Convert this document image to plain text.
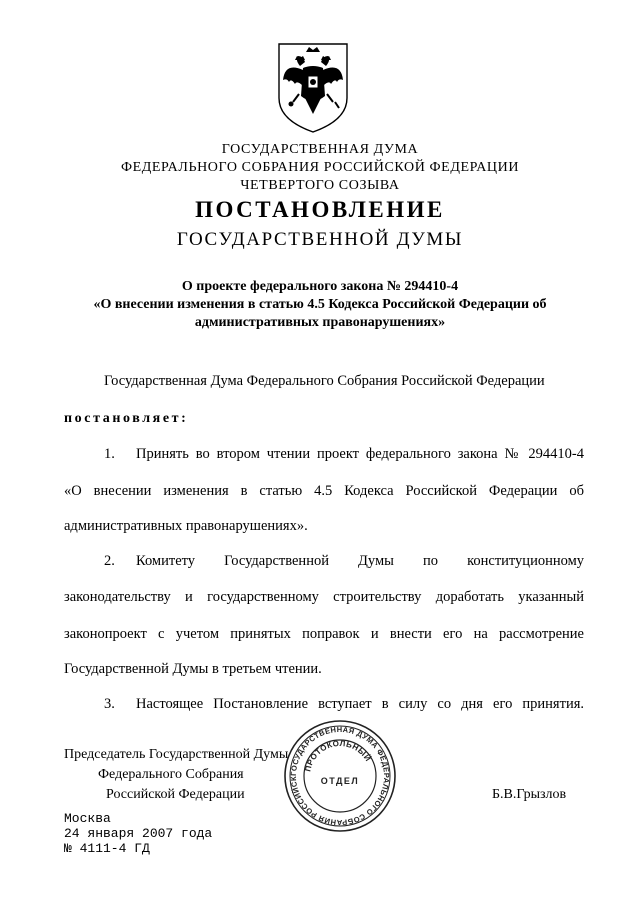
ГОСУДАРСТВЕННАЯ ДУМА
ФЕДЕРАЛЬНОГО СОБРАНИЯ РОССИЙСКОЙ ФЕДЕРАЦИИ
ЧЕТВЕРТОГО СОЗЫВА
ПОСТАНОВЛЕНИЕ
ГОСУДАРСТВЕННОЙ ДУМЫ
О проекте федерального закона № 294410-4
«О внесении изменения в статью 4.5 Кодекса Российской Федерации об
административных правонарушениях»
Государственная Дума Федерального Собрания Российской Федерации
постановляет:
1. Принять во втором чтении проект федерального закона № 294410-4
«О внесении изменения в статью 4.5 Кодекса Российской Федерации об
административных правонарушениях».
2. Комитету Государственной Думы по конституционному
законодательству и государственному строительству доработать указанный
законопроект с учетом принятых поправок и внести его на рассмотрение
Государственной Думы в третьем чтении.
3. Настоящее Постановление вступает в силу со дня его принятия.
Председатель Государственной Думы
Федерального Собрания
Российской Федерации	Б.В.Грызлов
ГОСУДАРСТВЕННАЯ ДУМА ФЕДЕРАЛЬНОГО СОБРАНИЯ РОССИЙСК
ПРОТОКОЛЬНЫЙ
ОТДЕЛ
Москва
24 января 2007 года
№ 4111-4 ГД
